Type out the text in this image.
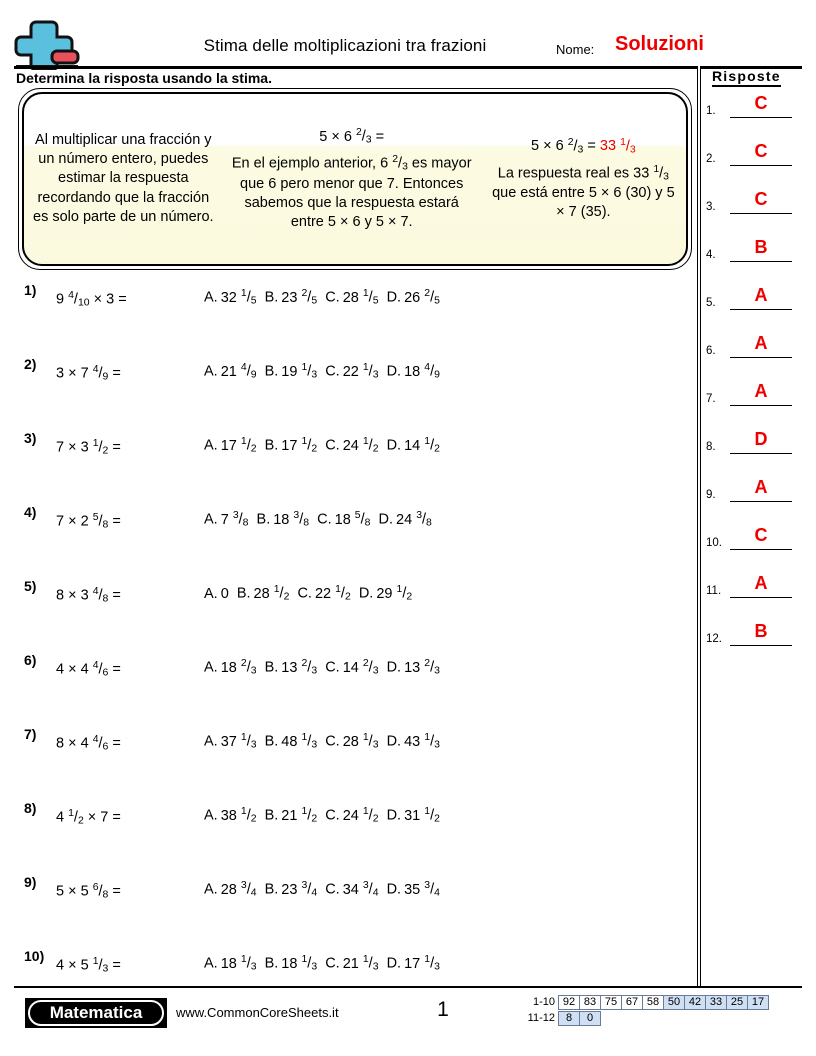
Stima delle moltiplicazioni tra frazioni	Nome: Soluzioni
Determina la risposta usando la stima.
Al multiplicar una fracción y un número entero, puedes estimar la respuesta recordando que la fracción es solo parte de un número.
5 × 6 $^2$/3 =
En el ejemplo anterior, 6 $^2$/3 es mayor que 6 pero menor que 7. Entonces sabemos que la respuesta estará entre 5 × 6 y 5 × 7.
5 × 6 $^2$/3 = 33 $^1$/3
La respuesta real es 33 $^1$/3 que está entre 5 × 6 (30) y 5 × 7 (35).
1)
9 $^4$/10 × 3 =	A. 32 $^1$/5 B. 23 $^2$/5 C. 28 $^1$/5 D. 26 $^2$/5
2)
3 × 7 $^4$/9 =	A. 21 $^4$/9 B. 19 $^1$/3 C. 22 $^1$/3 D. 18 $^4$/9
3)
7 × 3 $^1$/2 =	A. 17 $^1$/2 B. 17 $^1$/2 C. 24 $^1$/2 D. 14 $^1$/2
4)
7 × 2 $^5$/8 =	A. 7 $^3$/8 B. 18 $^3$/8 C. 18 $^5$/8 D. 24 $^3$/8
5)
8 × 3 $^4$/8 =	A. 0 B. 28 $^1$/2 C. 22 $^1$/2 D. 29 $^1$/2
6)
4 × 4 $^4$/6 =	A. 18 $^2$/3 B. 13 $^2$/3 C. 14 $^2$/3 D. 13 $^2$/3
7)
8 × 4 $^4$/6 =	A. 37 $^1$/3 B. 48 $^1$/3 C. 28 $^1$/3 D. 43 $^1$/3
8)
4 $^1$/2 × 7 =	A. 38 $^1$/2 B. 21 $^1$/2 C. 24 $^1$/2 D. 31 $^1$/2
9)
5 × 5 $^6$/8 =	A. 28 $^3$/4 B. 23 $^3$/4 C. 34 $^3$/4 D. 35 $^3$/4
10)
4 × 5 $^1$/3 =	A. 18 $^1$/3 B. 18 $^1$/3 C. 21 $^1$/3 D. 17 $^1$/3
Risposte
1.	C
2.	C
3.	C
4.	B
5.	A
6.	A
7.	A
8.	D
9.	A
10.	C
11.	A
12.	B
Matematica	www.CommonCoreSheets.it	1	1-10 92 83 75 67 58 50 42 33 25 17
11-12 8	0
